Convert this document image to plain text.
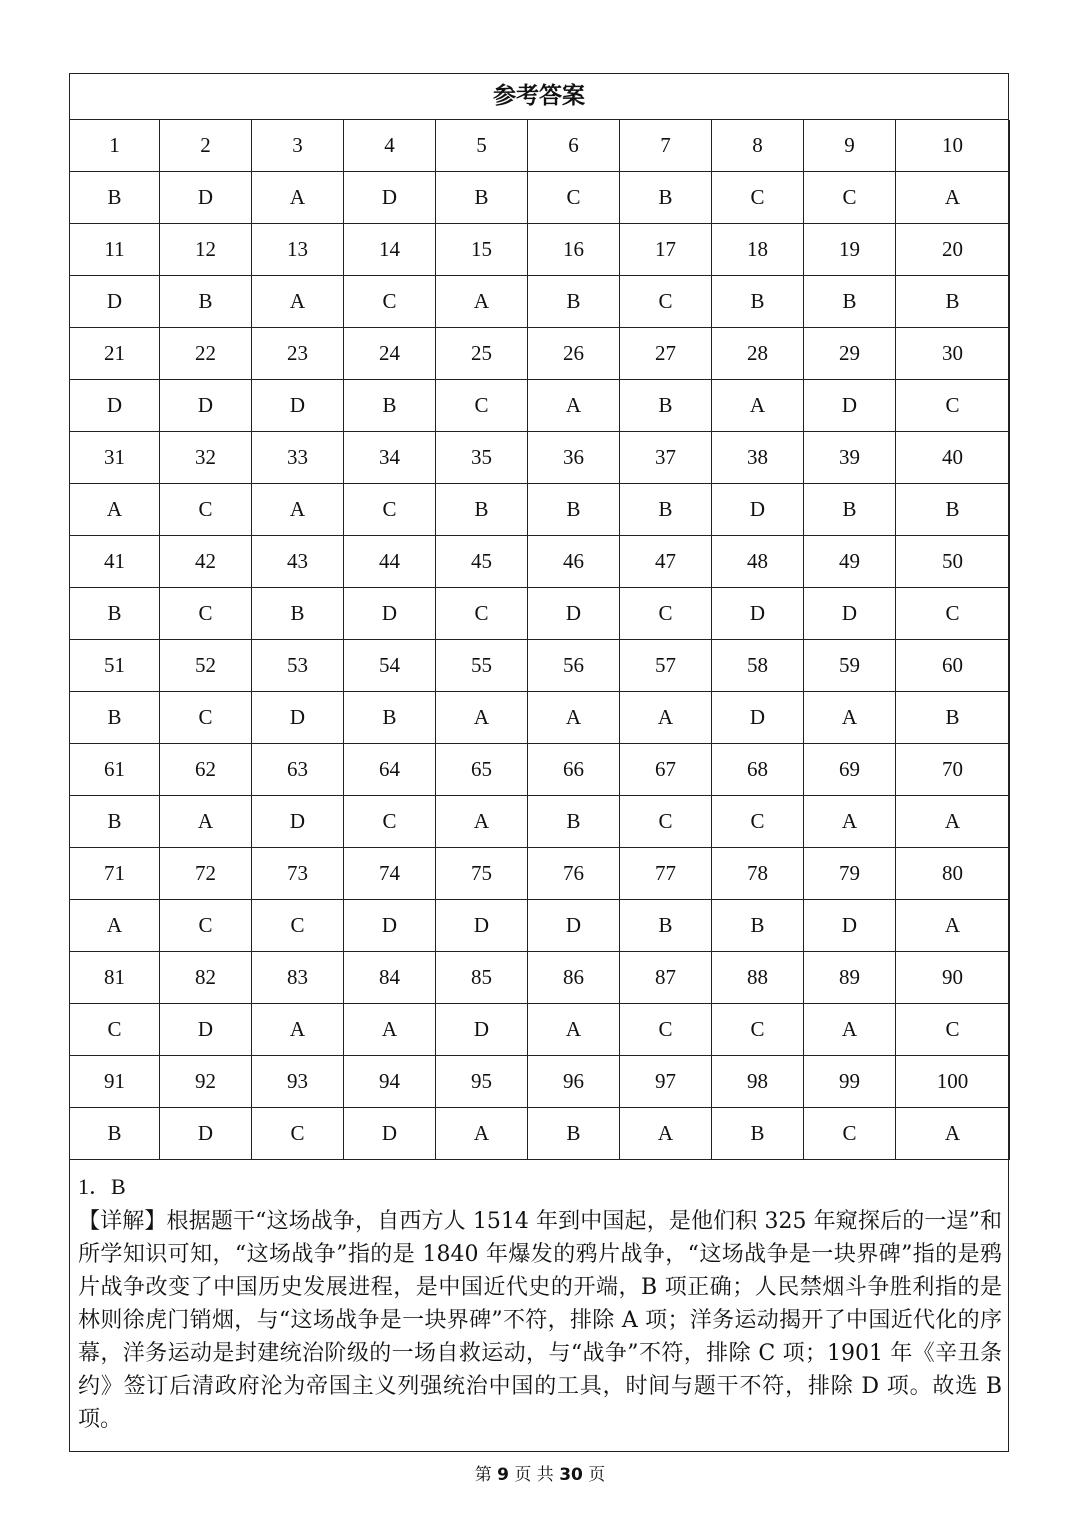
参考答案
1	2	3	4	5	6	7	8	9	10
B	D	A	D	B	C	B	C	C	A
11	12	13	14	15	16	17	18	19	20
D	B	A	C	A	B	C	B	B	B
21	22	23	24	25	26	27	28	29	30
D	D	D	B	C	A	B	A	D	C
31	32	33	34	35	36	37	38	39	40
A	C	A	C	B	B	B	D	B	B
41	42	43	44	45	46	47	48	49	50
B	C	B	D	C	D	C	D	D	C
51	52	53	54	55	56	57	58	59	60
B	C	D	B	A	A	A	D	A	B
61	62	63	64	65	66	67	68	69	70
B	A	D	C	A	B	C	C	A	A
71	72	73	74	75	76	77	78	79	80
A	C	C	D	D	D	B	B	D	A
81	82	83	84	85	86	87	88	89	90
C	D	A	A	D	A	C	C	A	C
91	92	93	94	95	96	97	98	99	100
B	D	C	D	A	B	A	B	C	A
1．B
【详解】根据题干“这场战争，自西方人 1514 年到中国起，是他们积 325 年窥探后的一逞”和所学知识可知，“这场战争”指的是 1840 年爆发的鸦片战争，“这场战争是一块界碑”指的是鸦片战争改变了中国历史发展进程，是中国近代史的开端，B 项正确；人民禁烟斗争胜利指的是林则徐虎门销烟，与“这场战争是一块界碑”不符，排除 A 项；洋务运动揭开了中国近代化的序幕，洋务运动是封建统治阶级的一场自救运动，与“战争”不符，排除 C 项；1901 年《辛丑条约》签订后清政府沦为帝国主义列强统治中国的工具，时间与题干不符，排除 D 项。故选 B 项。
第 9 页 共 30 页
